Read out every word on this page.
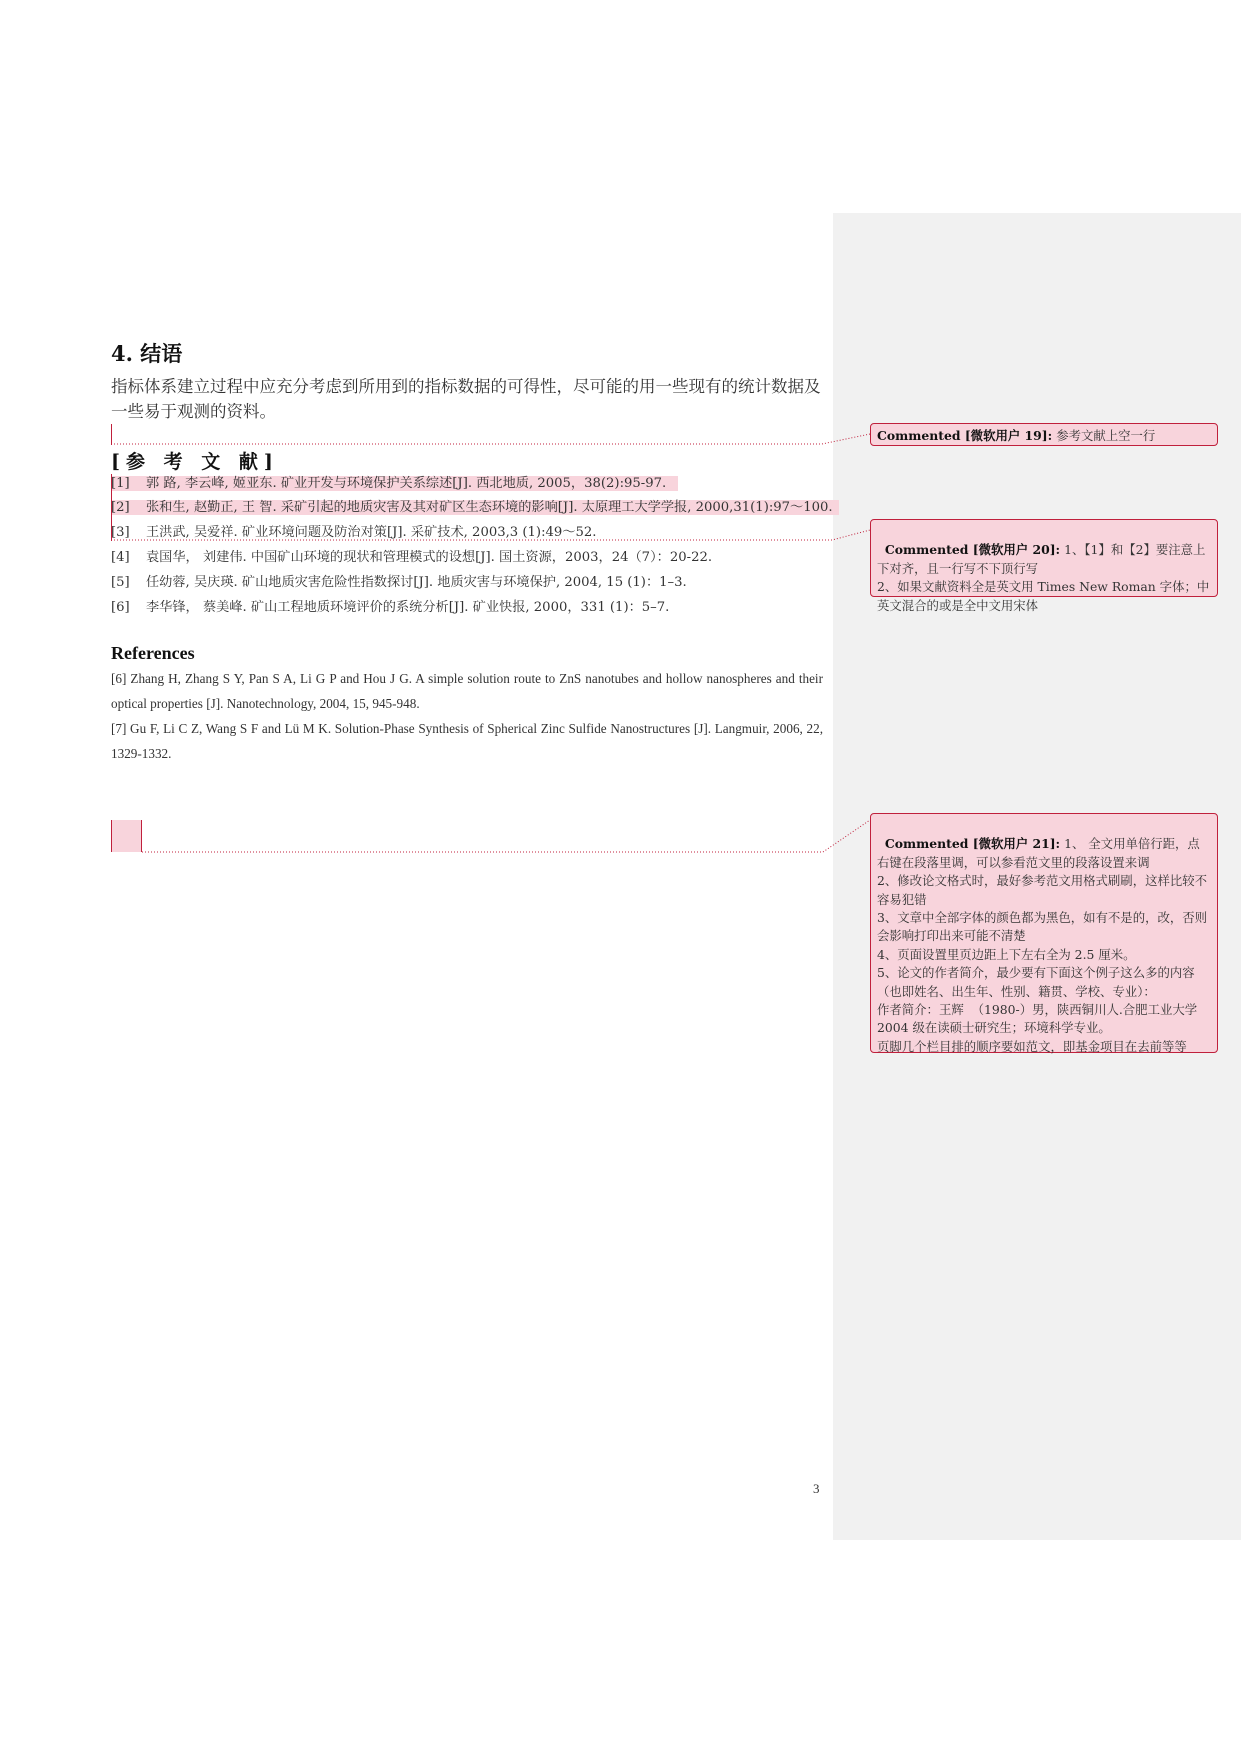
4. 结语

指标体系建立过程中应充分考虑到所用到的指标数据的可得性，尽可能的用一些现有的统计数据及一些易于观测的资料。

[参 考 文 献]
[1] 郭 路, 李云峰, 姬亚东. 矿业开发与环境保护关系综述[J]. 西北地质, 2005，38(2):95-97.
[2] 张和生, 赵勤正, 王 智. 采矿引起的地质灾害及其对矿区生态环境的影响[J]. 太原理工大学学报, 2000,31(1):97～100.
[3] 王洪武, 吴爱祥. 矿业环境问题及防治对策[J]. 采矿技术, 2003,3 (1):49～52.
[4] 袁国华， 刘建伟. 中国矿山环境的现状和管理模式的设想[J]. 国土资源，2003，24（7）：20-22.
[5] 任幼蓉, 吴庆瑛. 矿山地质灾害危险性指数探讨[J]. 地质灾害与环境保护, 2004, 15 (1)：1–3.
[6] 李华锋， 蔡美峰. 矿山工程地质环境评价的系统分析[J]. 矿业快报, 2000，331 (1)：5–7.
References

[6] Zhang H, Zhang S Y, Pan S A, Li G P and Hou J G. A simple solution route to ZnS nanotubes and hollow nanospheres and their optical properties [J]. Nanotechnology, 2004, 15, 945-948.

[7] Gu F, Li C Z, Wang S F and Lü M K. Solution-Phase Synthesis of Spherical Zinc Sulfide Nanostructures [J]. Langmuir, 2006, 22, 1329-1332.

Commented [微软用户 19]: 参考文献上空一行

Commented [微软用户 20]: 1、【1】和【2】要注意上下对齐，且一行写不下顶行写
2、如果文献资料全是英文用 Times New Roman 字体；中英文混合的或是全中文用宋体

Commented [微软用户 21]: 1、 全文用单倍行距，点右键在段落里调，可以参看范文里的段落设置来调
2、修改论文格式时，最好参考范文用格式刷刷，这样比较不容易犯错
3、文章中全部字体的颜色都为黑色，如有不是的，改，否则会影响打印出来可能不清楚
4、页面设置里页边距上下左右全为 2.5 厘米。
5、论文的作者简介，最少要有下面这个例子这么多的内容（也即姓名、出生年、性别、籍贯、学校、专业）：
作者简介：王辉  （1980-）男，陕西铜川人.合肥工业大学 2004 级在读硕士研究生；环境科学专业。
页脚几个栏目排的顺序要如范文，即基金项目在去前等等

3
